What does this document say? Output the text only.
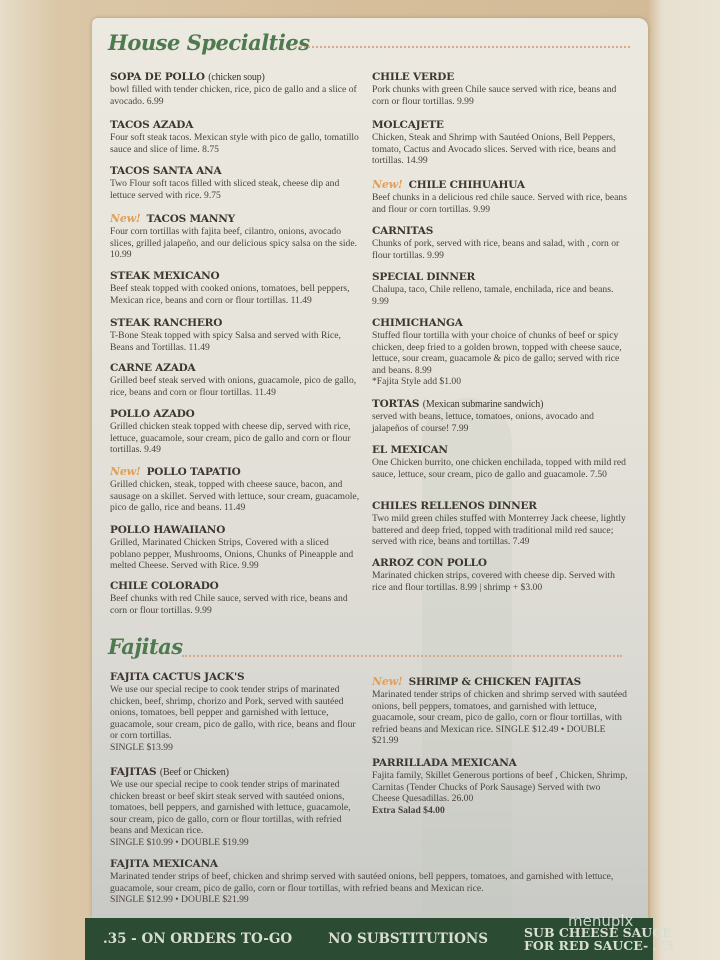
House Specialties
Fajitas
SOPA DE POLLO (chicken soup)
bowl filled with tender chicken, rice, pico de gallo and a slice of avocado. 6.99
TACOS AZADA
Four soft steak tacos. Mexican style with pico de gallo, tomatillo sauce and slice of lime. 8.75
TACOS SANTA ANA
Two Flour soft tacos filled with sliced steak, cheese dip and lettuce served with rice. 9.75
New! TACOS MANNY
Four corn tortillas with fajita beef, cilantro, onions, avocado slices, grilled jalapeño, and our delicious spicy salsa on the side. 10.99
STEAK MEXICANO
Beef steak topped with cooked onions, tomatoes, bell peppers, Mexican rice, beans and corn or flour tortillas. 11.49
STEAK RANCHERO
T-Bone Steak topped with spicy Salsa and served with Rice, Beans and Tortillas. 11.49
CARNE AZADA
Grilled beef steak served with onions, guacamole, pico de gallo, rice, beans and corn or flour tortillas. 11.49
POLLO AZADO
Grilled chicken steak topped with cheese dip, served with rice, lettuce, guacamole, sour cream, pico de gallo and corn or flour tortillas. 9.49
New! POLLO TAPATIO
Grilled chicken, steak, topped with cheese sauce, bacon, and sausage on a skillet. Served with lettuce, sour cream, guacamole, pico de gallo, rice and beans. 11.49
POLLO HAWAIIANO
Grilled, Marinated Chicken Strips, Covered with a sliced poblano pepper, Mushrooms, Onions, Chunks of Pineapple and melted Cheese. Served with Rice. 9.99
CHILE COLORADO
Beef chunks with red Chile sauce, served with rice, beans and corn or flour tortillas. 9.99
CHILE VERDE
Pork chunks with green Chile sauce served with rice, beans and corn or flour tortillas. 9.99
MOLCAJETE
Chicken, Steak and Shrimp with Sautéed Onions, Bell Peppers, tomato, Cactus and Avocado slices. Served with rice, beans and tortillas. 14.99
New! CHILE CHIHUAHUA
Beef chunks in a delicious red chile sauce. Served with rice, beans and flour or corn tortillas. 9.99
CARNITAS
Chunks of pork, served with rice, beans and salad, with , corn or flour tortillas. 9.99
SPECIAL DINNER
Chalupa, taco, Chile relleno, tamale, enchilada, rice and beans. 9.99
CHIMICHANGA
Stuffed flour tortilla with your choice of chunks of beef or spicy chicken, deep fried to a golden brown, topped with cheese sauce, lettuce, sour cream, guacamole & pico de gallo; served with rice and beans. 8.99
*Fajita Style add $1.00
TORTAS (Mexican submarine sandwich)
served with beans, lettuce, tomatoes, onions, avocado and jalapeños of course! 7.99
EL MEXICAN
One Chicken burrito, one chicken enchilada, topped with mild red sauce, lettuce, sour cream, pico de gallo and guacamole. 7.50
CHILES RELLENOS DINNER
Two mild green chiles stuffed with Monterrey Jack cheese, lightly battered and deep fried, topped with traditional mild red sauce; served with rice, beans and tortillas. 7.49
ARROZ CON POLLO
Marinated chicken strips, covered with cheese dip. Served with rice and flour tortillas. 8.99 | shrimp + $3.00
FAJITA CACTUS JACK'S
We use our special recipe to cook tender strips of marinated chicken, beef, shrimp, chorizo and Pork, served with sautéed onions, tomatoes, bell pepper and garnished with lettuce, guacamole, sour cream, pico de gallo, with rice, beans and flour or corn tortillas.
SINGLE $13.99
FAJITAS (Beef or Chicken)
We use our special recipe to cook tender strips of marinated chicken breast or beef skirt steak served with sautéed onions, tomatoes, bell peppers, and garnished with lettuce, guacamole, sour cream, pico de gallo, corn or flour tortillas, with refried beans and Mexican rice.
SINGLE $10.99 • DOUBLE $19.99
New! SHRIMP & CHICKEN FAJITAS
Marinated tender strips of chicken and shrimp served with sautéed onions, bell peppers, tomatoes, and garnished with lettuce, guacamole, sour cream, pico de gallo, corn or flour tortillas, with refried beans and Mexican rice. SINGLE $12.49 • DOUBLE $21.99
PARRILLADA MEXICANA
Fajita family, Skillet Generous portions of beef , Chicken, Shrimp, Carnitas (Tender Chucks of Pork Sausage) Served with two Cheese Quesadillas. 26.00
Extra Salad $4.00
FAJITA MEXICANA
Marinated tender strips of beef, chicken and shrimp served with sautéed onions, bell peppers, tomatoes, and garnished with lettuce, guacamole, sour cream, pico de gallo, corn or flour tortillas, with refried beans and Mexican rice.
SINGLE $12.99 • DOUBLE $21.99
.35 - ON ORDERS TO-GO	NO SUBSTITUTIONS	SUB CHEESE SAUCE
FOR RED SAUCE- .75
menupix
